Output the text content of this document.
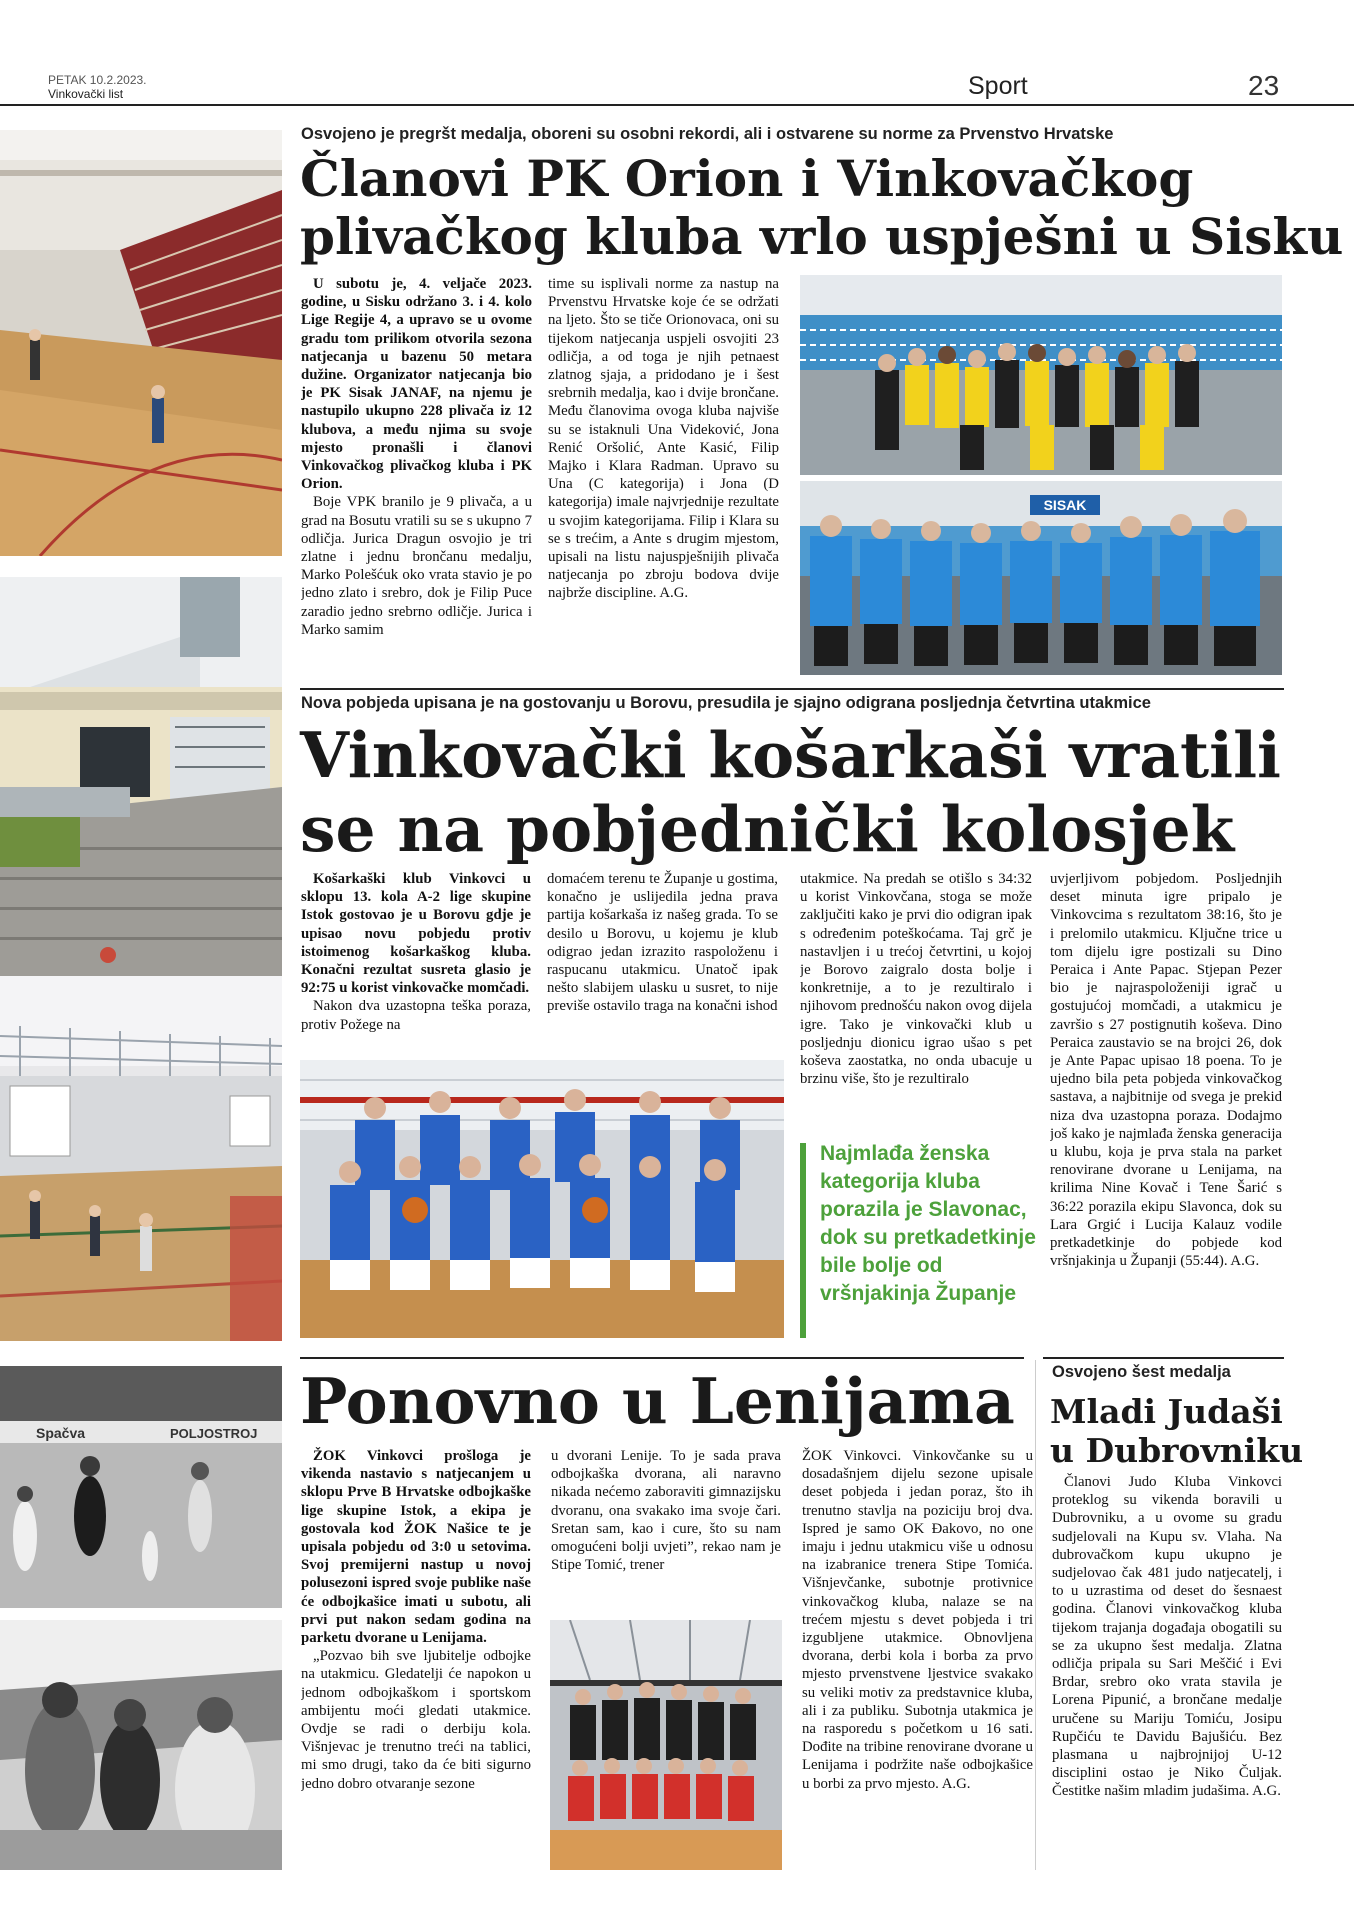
PETAK 10.2.2023.
Vinkovački list	Sport	23
Spačva	POLJOSTROJ
Osvojeno je pregršt medalja, oboreni su osobni rekordi, ali i ostvarene su norme za Prvenstvo Hrvatske
Članovi PK Orion i Vinkovačkog
plivačkog kluba vrlo uspješni u Sisku

U subotu je, 4. veljače 2023. godine, u Sisku održano 3. i 4. kolo Lige Regije 4, a upravo se u ovome gradu tom prilikom otvorila sezona natjecanja u bazenu 50 metara dužine. Organizator natjecanja bio je PK Sisak JANAF, na njemu je nastupilo ukupno 228 plivača iz 12 klubova, a među njima su svoje mjesto pronašli i članovi Vinkovačkog plivačkog kluba i PK Orion.

Boje VPK branilo je 9 plivača, a u grad na Bosutu vratili su se s ukupno 7 odličja. Jurica Dragun osvojio je tri zlatne i jednu brončanu medalju, Marko Polešćuk oko vrata stavio je po jedno zlato i srebro, dok je Filip Puce zaradio jedno srebrno odličje. Jurica i Marko samim

time su isplivali norme za nastup na Prvenstvu Hrvatske koje će se održati na ljeto. Što se tiče Orionovaca, oni su tijekom natjecanja uspjeli osvojiti 23 odličja, a od toga je njih petnaest zlatnog sjaja, a pridodano je i šest srebrnih medalja, kao i dvije brončane. Među članovima ovoga kluba najviše su se istaknuli Una Videković, Jona Renić Oršolić, Ante Kasić, Filip Majko i Klara Radman. Upravo su Una (C kategorija) i Jona (D kategorija) imale najvrjednije rezultate u svojim kategorijama. Filip i Klara su se s trećim, a Ante s drugim mjestom, upisali na listu najuspješnijih plivača natjecanja po zbroju bodova dvije najbrže discipline. A.G.

SISAK
Nova pobjeda upisana je na gostovanju u Borovu, presudila je sjajno odigrana posljednja četvrtina utakmice
Vinkovački košarkaši vratili
se na pobjednički kolosjek

Košarkaški klub Vinkovci u sklopu 13. kola A-2 lige skupine Istok gostovao je u Borovu gdje je upisao novu pobjedu protiv istoimenog košarkaškog kluba. Konačni rezultat susreta glasio je 92:75 u korist vinkovačke momčadi.

Nakon dva uzastopna teška poraza, protiv Požege na

domaćem terenu te Županje u gostima, konačno je uslijedila jedna prava partija košarkaša iz našeg grada. To se desilo u Borovu, u kojemu je klub odigrao jedan izrazito raspoloženu i raspucanu utakmicu. Unatoč ipak nešto slabijem ulasku u susret, to nije previše ostavilo traga na konačni ishod

utakmice. Na predah se otišlo s 34:32 u korist Vinkovčana, stoga se može zaključiti kako je prvi dio odigran ipak s određenim poteškoćama. Taj grč je nastavljen i u trećoj četvrtini, u kojoj je Borovo zaigralo dosta bolje i konkretnije, a to je rezultiralo i njihovom prednošću nakon ovog dijela igre. Tako je vinkovački klub u posljednju dionicu igrao ušao s pet koševa zaostatka, no onda ubacuje u brzinu više, što je rezultiralo

uvjerljivom pobjedom. Posljednjih deset minuta igre pripalo je Vinkovcima s rezultatom 38:16, što je i prelomilo utakmicu. Ključne trice u tom dijelu igre postizali su Dino Peraica i Ante Papac. Stjepan Pezer bio je najraspoloženiji igrač u gostujućoj momčadi, a utakmicu je završio s 27 postignutih koševa. Dino Peraica zaustavio se na brojci 26, dok je Ante Papac upisao 18 poena. To je ujedno bila peta pobjeda vinkovačkog sastava, a najbitnije od svega je prekid niza dva uzastopna poraza. Dodajmo još kako je najmlađa ženska generacija u klubu, koja je prva stala na parket renovirane dvorane u Lenijama, na krilima Nine Kovač i Tene Šarić s 36:22 porazila ekipu Slavonca, dok su Lara Grgić i Lucija Kalauz vodile pretkadetkinje do pobjede kod vršnjakinja u Županji (55:44). A.G.

Najmlađa ženska kategorija kluba porazila je Slavonac, dok su pretkadetkinje bile bolje od vršnjakinja Županje
Ponovno u Lenijama

ŽOK Vinkovci prošloga je vikenda nastavio s natjecanjem u sklopu Prve B Hrvatske odbojkaške lige skupine Istok, a ekipa je gostovala kod ŽOK Našice te je upisala pobjedu od 3:0 u setovima. Svoj premijerni nastup u novoj polusezoni ispred svoje publike naše će odbojkašice imati u subotu, ali prvi put nakon sedam godina na parketu dvorane u Lenijama.

„Pozvao bih sve ljubitelje odbojke na utakmicu. Gledatelji će napokon u jednom odbojkaškom i sportskom ambijentu moći gledati utakmice. Ovdje se radi o derbiju kola. Višnjevac je trenutno treći na tablici, mi smo drugi, tako da će biti sigurno jedno dobro otvaranje sezone

u dvorani Lenije. To je sada prava odbojkaška dvorana, ali naravno nikada nećemo zaboraviti gimnazijsku dvoranu, ona svakako ima svoje čari. Sretan sam, kao i cure, što su nam omogućeni bolji uvjeti”, rekao nam je Stipe Tomić, trener

ŽOK Vinkovci. Vinkovčanke su u dosadašnjem dijelu sezone upisale deset pobjeda i jedan poraz, što ih trenutno stavlja na poziciju broj dva. Ispred je samo OK Đakovo, no one imaju i jednu utakmicu više u odnosu na izabranice trenera Stipe Tomića. Višnjevčanke, subotnje protivnice vinkovačkog kluba, nalaze se na trećem mjestu s devet pobjeda i tri izgubljene utakmice. Obnovljena dvorana, derbi kola i borba za prvo mjesto prvenstvene ljestvice svakako su veliki motiv za predstavnice kluba, ali i za publiku. Subotnja utakmica je na rasporedu s početkom u 16 sati. Dođite na tribine renovirane dvorane u Lenijama i podržite naše odbojkašice u borbi za prvo mjesto. A.G.

Osvojeno šest medalja
Mladi Judaši
u Dubrovniku

Članovi Judo Kluba Vinkovci proteklog su vikenda boravili u Dubrovniku, a u ovome su gradu sudjelovali na Kupu sv. Vlaha. Na dubrovačkom kupu ukupno je sudjelovao čak 481 judo natjecatelj, i to u uzrastima od deset do šesnaest godina. Članovi vinkovačkog kluba tijekom trajanja događaja obogatili su se za ukupno šest medalja. Zlatna odličja pripala su Sari Meščić i Evi Brdar, srebro oko vrata stavila je Lorena Pipunić, a brončane medalje uručene su Mariju Tomiću, Josipu Rupčiću te Davidu Bajušiću. Bez plasmana u najbrojnijoj U-12 disciplini ostao je Niko Čuljak. Čestitke našim mladim judašima. A.G.
